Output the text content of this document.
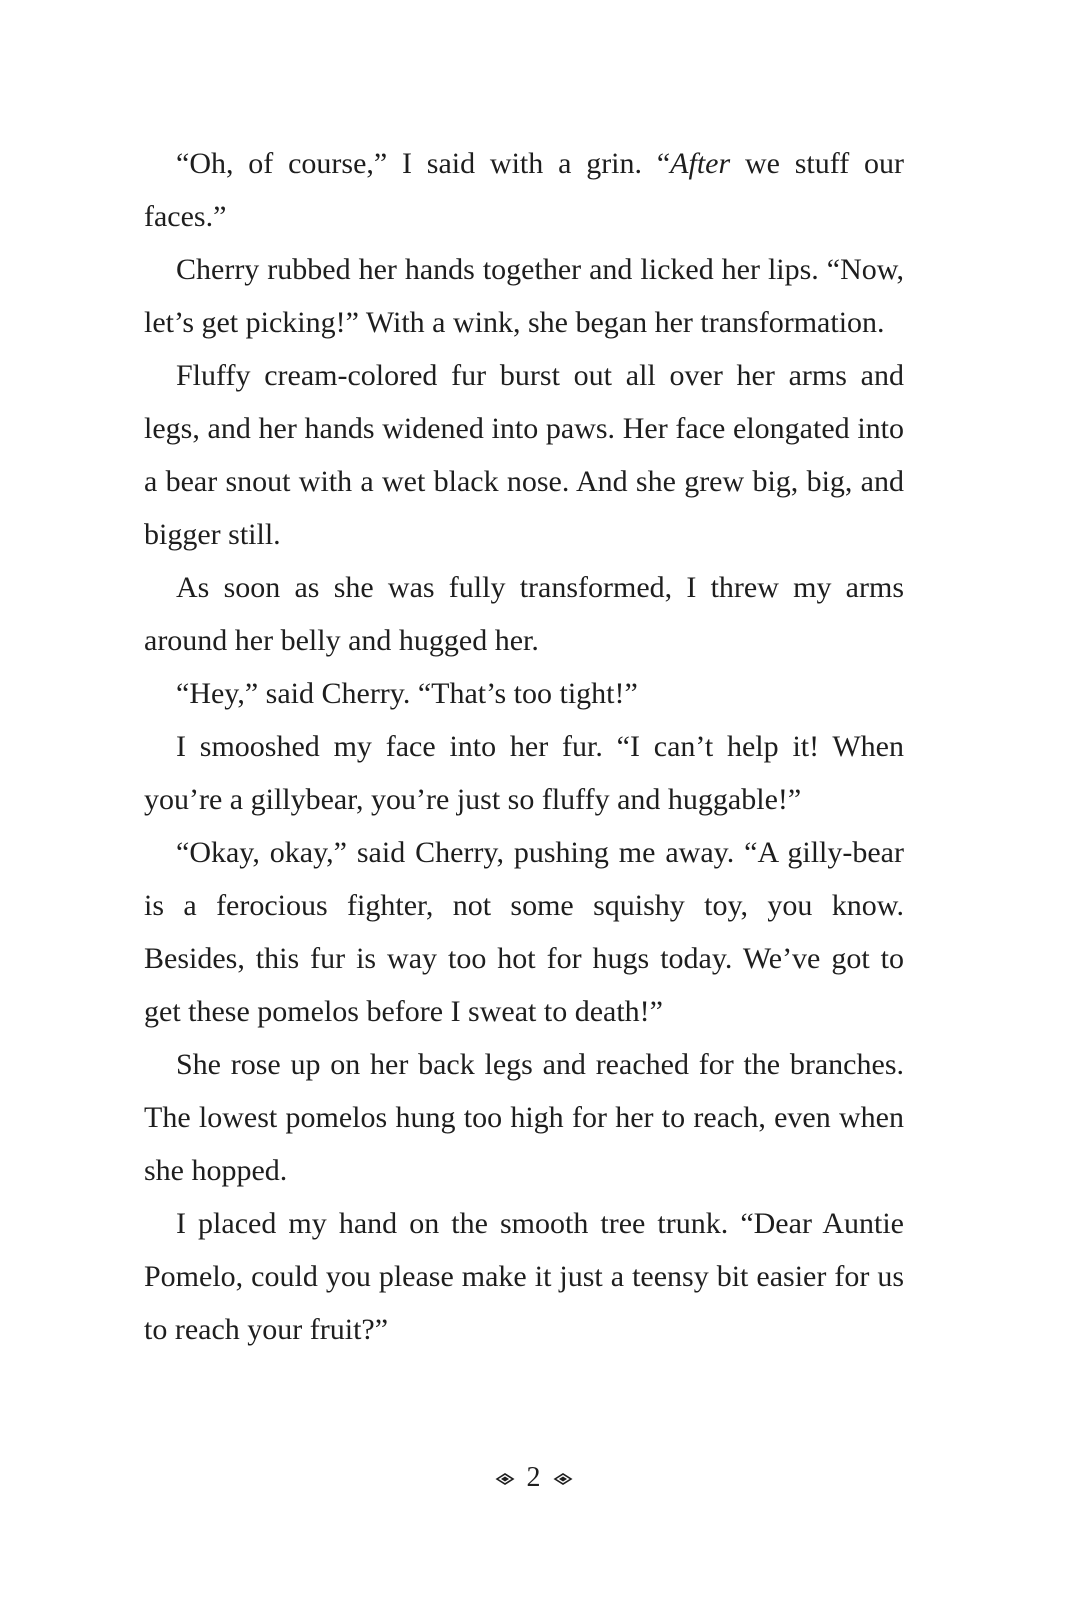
“Oh, of course,” I said with a grin. “After we stuff our faces.”

Cherry rubbed her hands together and licked her lips. “Now, let’s get picking!” With a wink, she began her transformation.

Fluffy cream-colored fur burst out all over her arms and legs, and her hands widened into paws. Her face elongated into a bear snout with a wet black nose. And she grew big, big, and bigger still.

As soon as she was fully transformed, I threw my arms around her belly and hugged her.

“Hey,” said Cherry. “That’s too tight!”

I smooshed my face into her fur. “I can’t help it! When you’re a gillybear, you’re just so fluffy and huggable!”

“Okay, okay,” said Cherry, pushing me away. “A gilly-bear is a ferocious fighter, not some squishy toy, you know. Besides, this fur is way too hot for hugs today. We’ve got to get these pomelos before I sweat to death!”

She rose up on her back legs and reached for the branches. The lowest pomelos hung too high for her to reach, even when she hopped.

I placed my hand on the smooth tree trunk. “Dear Auntie Pomelo, could you please make it just a teensy bit easier for us to reach your fruit?”

2
